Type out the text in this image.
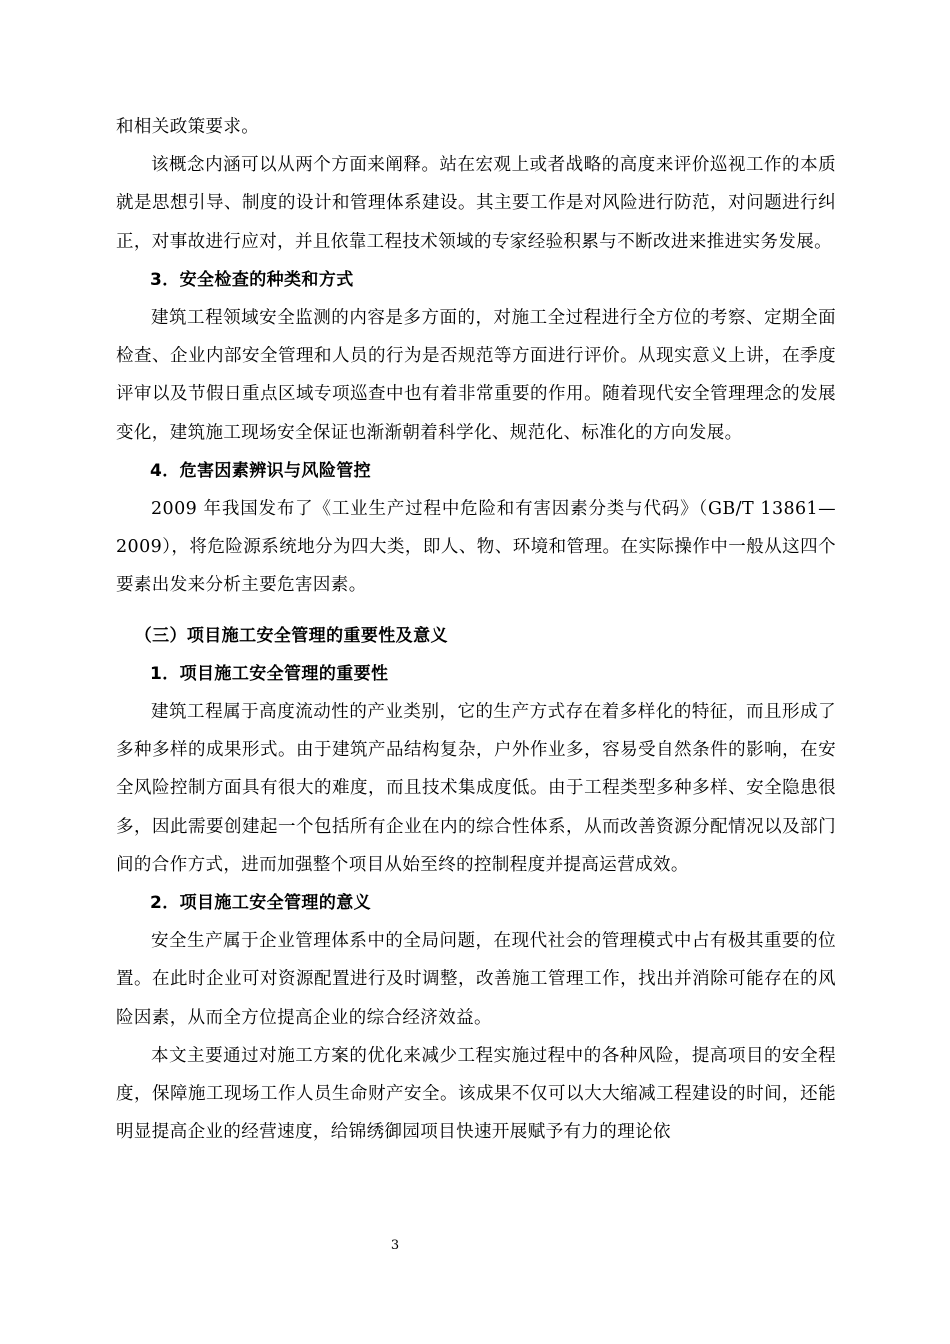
和相关政策要求。

该概念内涵可以从两个方面来阐释。站在宏观上或者战略的高度来评价巡视工作的本质就是思想引导、制度的设计和管理体系建设。其主要工作是对风险进行防范，对问题进行纠正，对事故进行应对，并且依靠工程技术领域的专家经验积累与不断改进来推进实务发展。

3．安全检查的种类和方式

建筑工程领域安全监测的内容是多方面的，对施工全过程进行全方位的考察、定期全面检查、企业内部安全管理和人员的行为是否规范等方面进行评价。从现实意义上讲，在季度评审以及节假日重点区域专项巡查中也有着非常重要的作用。随着现代安全管理理念的发展变化，建筑施工现场安全保证也渐渐朝着科学化、规范化、标准化的方向发展。

4．危害因素辨识与风险管控

2009 年我国发布了《工业生产过程中危险和有害因素分类与代码》（GB/T 13861—2009），将危险源系统地分为四大类，即人、物、环境和管理。在实际操作中一般从这四个要素出发来分析主要危害因素。

（三）项目施工安全管理的重要性及意义

1．项目施工安全管理的重要性

建筑工程属于高度流动性的产业类别，它的生产方式存在着多样化的特征，而且形成了多种多样的成果形式。由于建筑产品结构复杂，户外作业多，容易受自然条件的影响，在安全风险控制方面具有很大的难度，而且技术集成度低。由于工程类型多种多样、安全隐患很多，因此需要创建起一个包括所有企业在内的综合性体系，从而改善资源分配情况以及部门间的合作方式，进而加强整个项目从始至终的控制程度并提高运营成效。

2．项目施工安全管理的意义

安全生产属于企业管理体系中的全局问题，在现代社会的管理模式中占有极其重要的位置。在此时企业可对资源配置进行及时调整，改善施工管理工作，找出并消除可能存在的风险因素，从而全方位提高企业的综合经济效益。

本文主要通过对施工方案的优化来减少工程实施过程中的各种风险，提高项目的安全程度，保障施工现场工作人员生命财产安全。该成果不仅可以大大缩减工程建设的时间，还能明显提高企业的经营速度，给锦绣御园项目快速开展赋予有力的理论依

3
